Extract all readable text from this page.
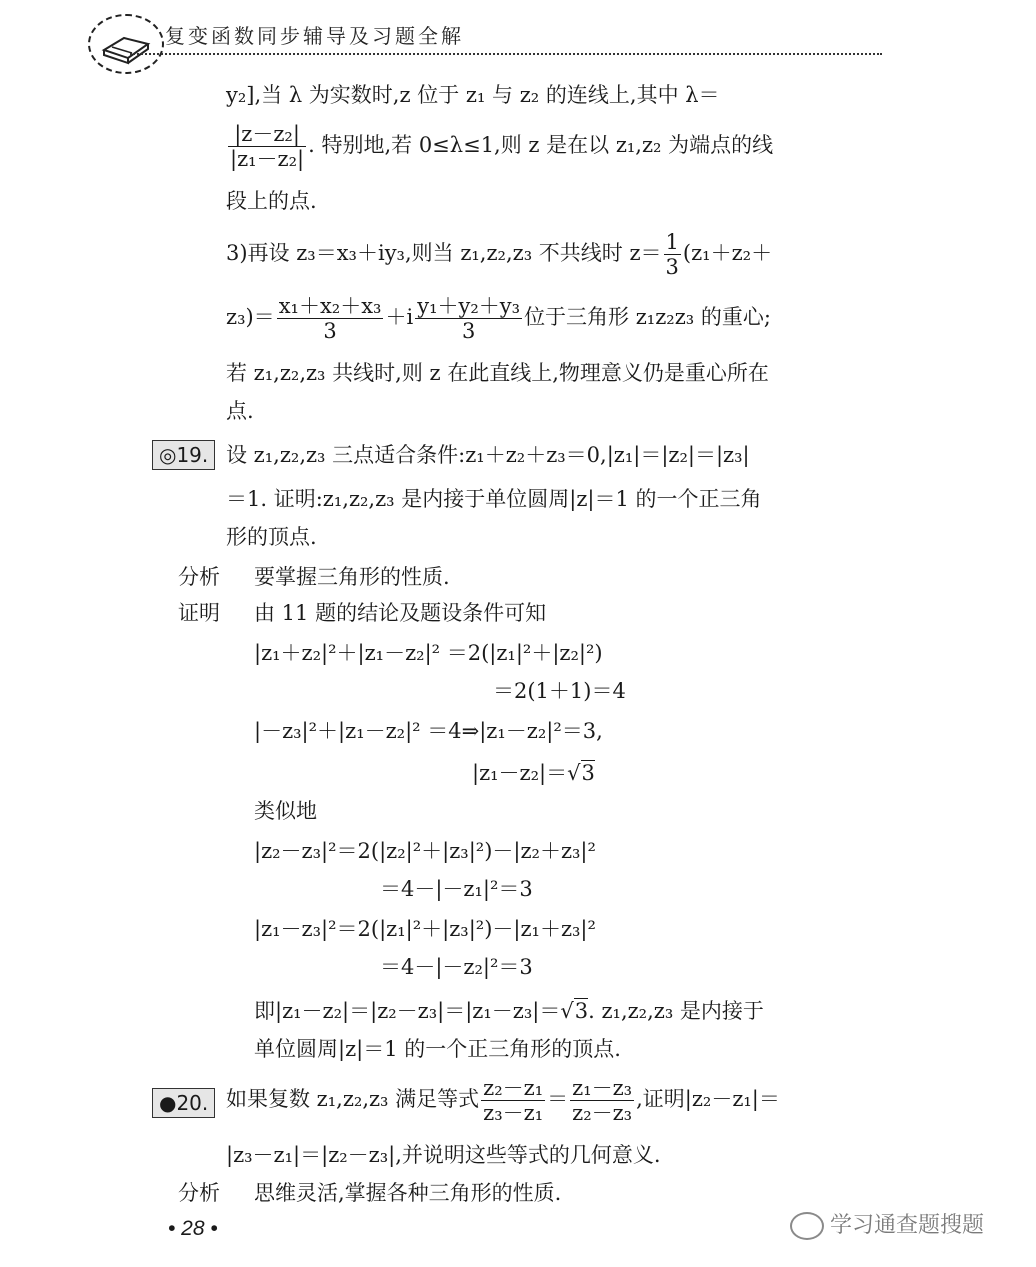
复变函数同步辅导及习题全解
y₂],当 λ 为实数时,z 位于 z₁ 与 z₂ 的连线上,其中 λ＝
$\frac{\text{|z－z₂|}}{\text{|z₁－z₂|}}$ . 特别地,若 0≤λ≤1,则 z 是在以 z₁,z₂ 为端点的线
段上的点.
3)再设 z₃＝x₃＋iy₃,则当 z₁,z₂,z₃ 不共线时 $z= \frac{1}{3} (z_1+z_2+$
$z_3)= \frac{\text{x₁＋x₂＋x₃}}{3} +i \frac{\text{y₁＋y₂＋y₃}}{3}$ 位于三角形 z₁z₂z₃ 的重心;
若 z₁,z₂,z₃ 共线时,则 z 在此直线上,物理意义仍是重心所在
点.
◎19. 设 z₁,z₂,z₃ 三点适合条件:z₁＋z₂＋z₃＝0,|z₁|＝|z₂|＝|z₃|
＝1. 证明:z₁,z₂,z₃ 是内接于单位圆周|z|＝1 的一个正三角
形的顶点.
分析 要掌握三角形的性质.
证明 由 11 题的结论及题设条件可知
|z₁＋z₂|²＋|z₁－z₂|² ＝2(|z₁|²＋|z₂|²)
＝2(1＋1)＝4
|－z₃|²＋|z₁－z₂|² ＝4⇒|z₁－z₂|²＝3,
|z₁－z₂|＝√3
类似地
|z₂－z₃|²＝2(|z₂|²＋|z₃|²)－|z₂＋z₃|²
＝4－|－z₁|²＝3
|z₁－z₃|²＝2(|z₁|²＋|z₃|²)－|z₁＋z₃|²
＝4－|－z₂|²＝3
即|z₁－z₂|＝|z₂－z₃|＝|z₁－z₃|＝√3. z₁,z₂,z₃ 是内接于
单位圆周|z|＝1 的一个正三角形的顶点.
●20. 如果复数 z₁,z₂,z₃ 满足等式 $\frac{\text{z₂－z₁}}{\text{z₃－z₁}} = \frac{\text{z₁－z₃}}{\text{z₂－z₃}}$ ,证明|z₂－z₁|＝
|z₃－z₁|＝|z₂－z₃|,并说明这些等式的几何意义.
分析 思维灵活,掌握各种三角形的性质.
• 28 •	学习通查题搜题
